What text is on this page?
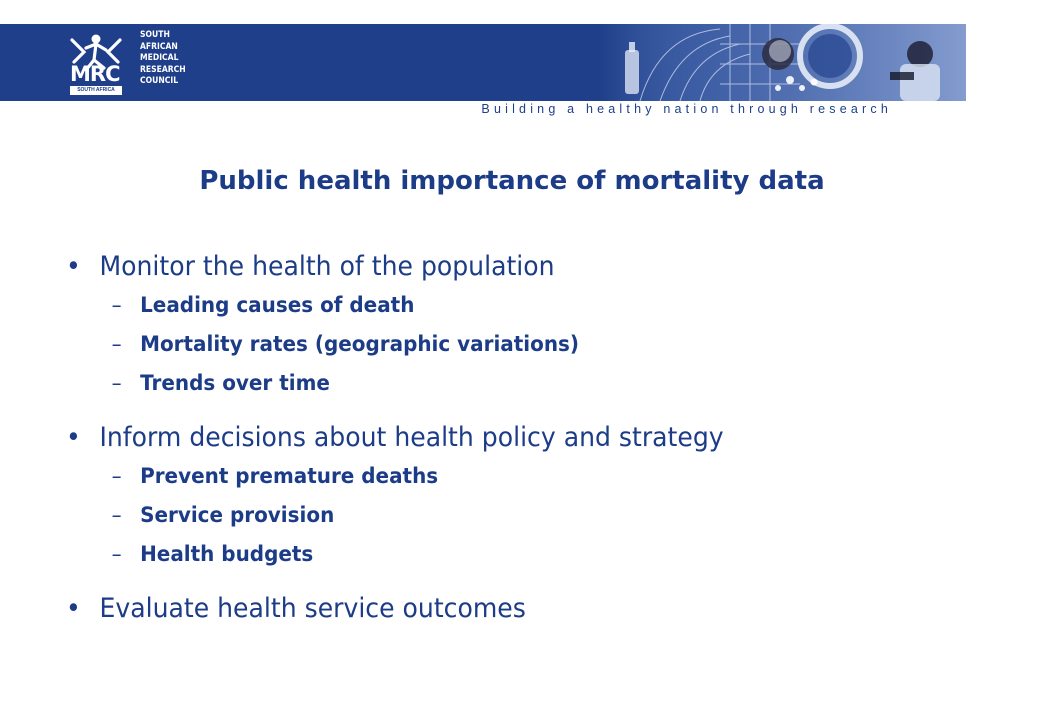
MRC
SOUTH AFRICA
SOUTH
AFRICAN
MEDICAL
RESEARCH
COUNCIL
Building a healthy nation through research
Public health importance of mortality data
• Monitor the health of the population
– Leading causes of death
– Mortality rates (geographic variations)
– Trends over time
• Inform decisions about health policy and strategy
– Prevent premature deaths
– Service provision
– Health budgets
• Evaluate health service outcomes
